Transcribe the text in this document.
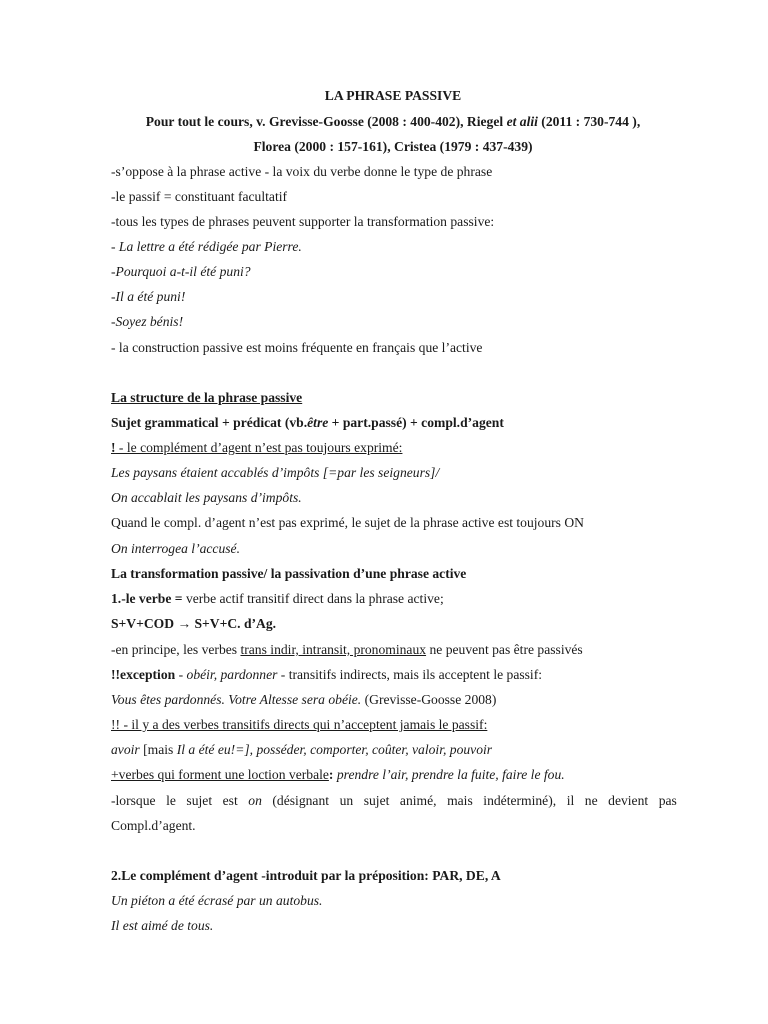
LA PHRASE PASSIVE
Pour tout le cours, v. Grevisse-Goosse (2008 : 400-402), Riegel et alii (2011 : 730-744 ),
Florea (2000 : 157-161), Cristea (1979 : 437-439)
-s’oppose à la phrase active - la voix du verbe donne le type de phrase
-le passif = constituant facultatif
-tous les types de phrases peuvent supporter la transformation passive:
- La lettre a été rédigée par Pierre.
-Pourquoi a-t-il été puni?
-Il a été puni!
-Soyez bénis!
- la construction passive est moins fréquente en français que l’active
La structure de la phrase passive
Sujet grammatical + prédicat (vb.être + part.passé) + compl.d’agent
! - le complément d’agent n’est pas toujours exprimé:
Les paysans étaient accablés d’impôts [=par les seigneurs]/
On accablait les paysans d’impôts.
Quand le compl. d’agent n’est pas exprimé, le sujet de la phrase active est toujours ON
On interrogea l’accusé.
La transformation passive/ la passivation d’une phrase active
1.-le verbe = verbe actif transitif direct dans la phrase active;
S+V+COD → S+V+C. d’Ag.
-en principe, les verbes trans indir, intransit, pronominaux ne peuvent pas être passivés
!!exception - obéir, pardonner - transitifs indirects, mais ils acceptent le passif:
Vous êtes pardonnés. Votre Altesse sera obéie. (Grevisse-Goosse 2008)
!! - il y a des verbes transitifs directs qui n’acceptent jamais le passif:
avoir [mais Il a été eu!=], posséder, comporter, coûter, valoir, pouvoir
+verbes qui forment une loction verbale: prendre l’air, prendre la fuite, faire le fou.
-lorsque le sujet est on (désignant un sujet animé, mais indéterminé), il ne devient pas
Compl.d’agent.
2.Le complément d’agent -introduit par la préposition: PAR, DE, A
Un piéton a été écrasé par un autobus.
Il est aimé de tous.
